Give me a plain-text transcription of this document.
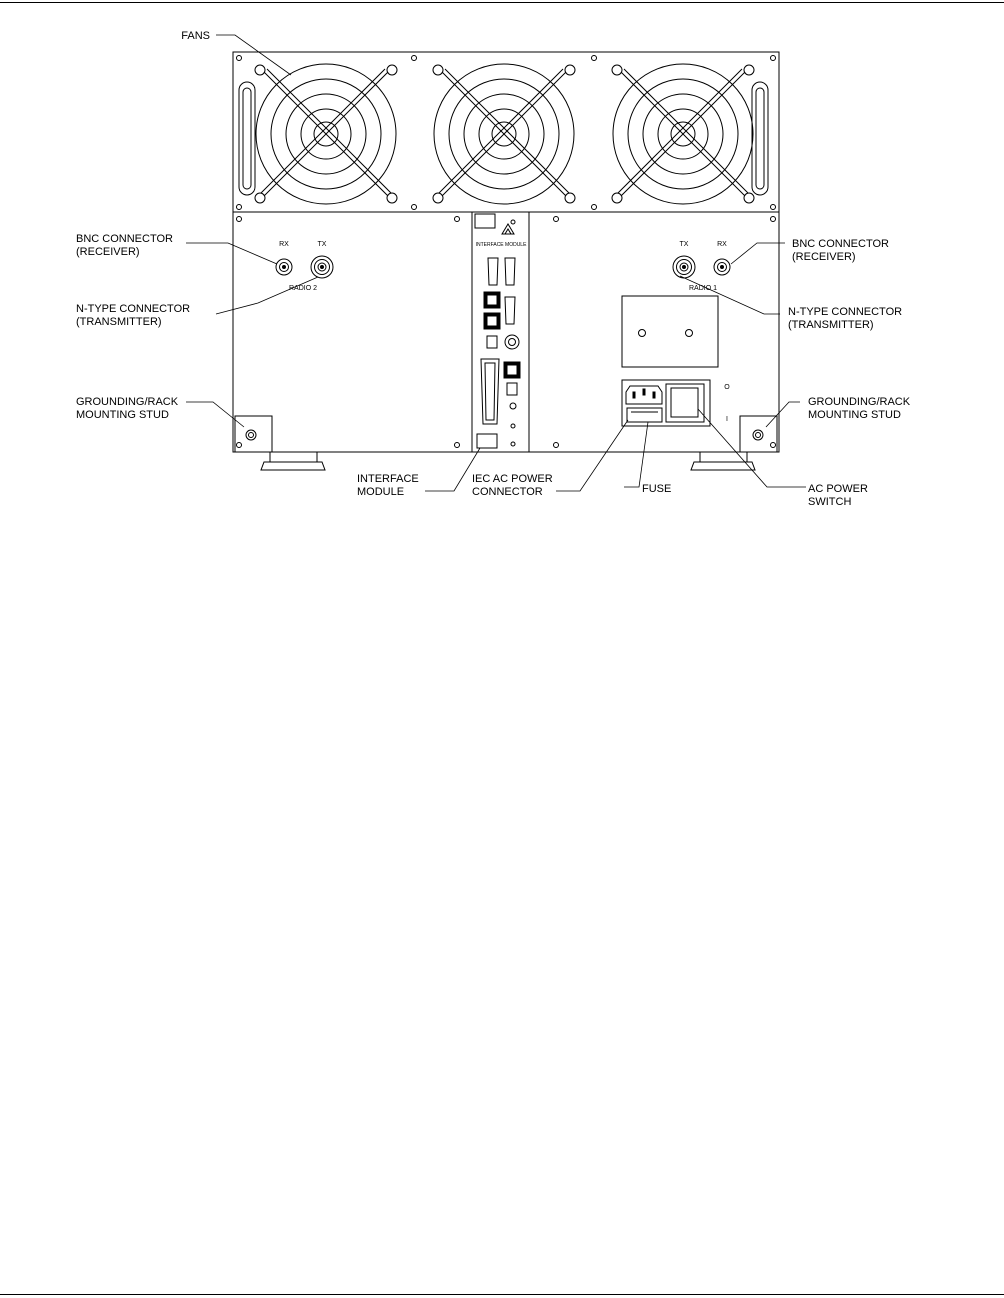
RX	TX
RADIO 2
TX	RX
RADIO 1
INTERFACE MODULE
O
I
FANS
BNC CONNECTOR
(RECEIVER)
N-TYPE CONNECTOR
(TRANSMITTER)
GROUNDING/RACK
MOUNTING STUD
BNC CONNECTOR
(RECEIVER)
N-TYPE CONNECTOR
(TRANSMITTER)
GROUNDING/RACK
MOUNTING STUD
INTERFACE
MODULE
IEC AC POWER
CONNECTOR	FUSE	AC POWER
SWITCH
